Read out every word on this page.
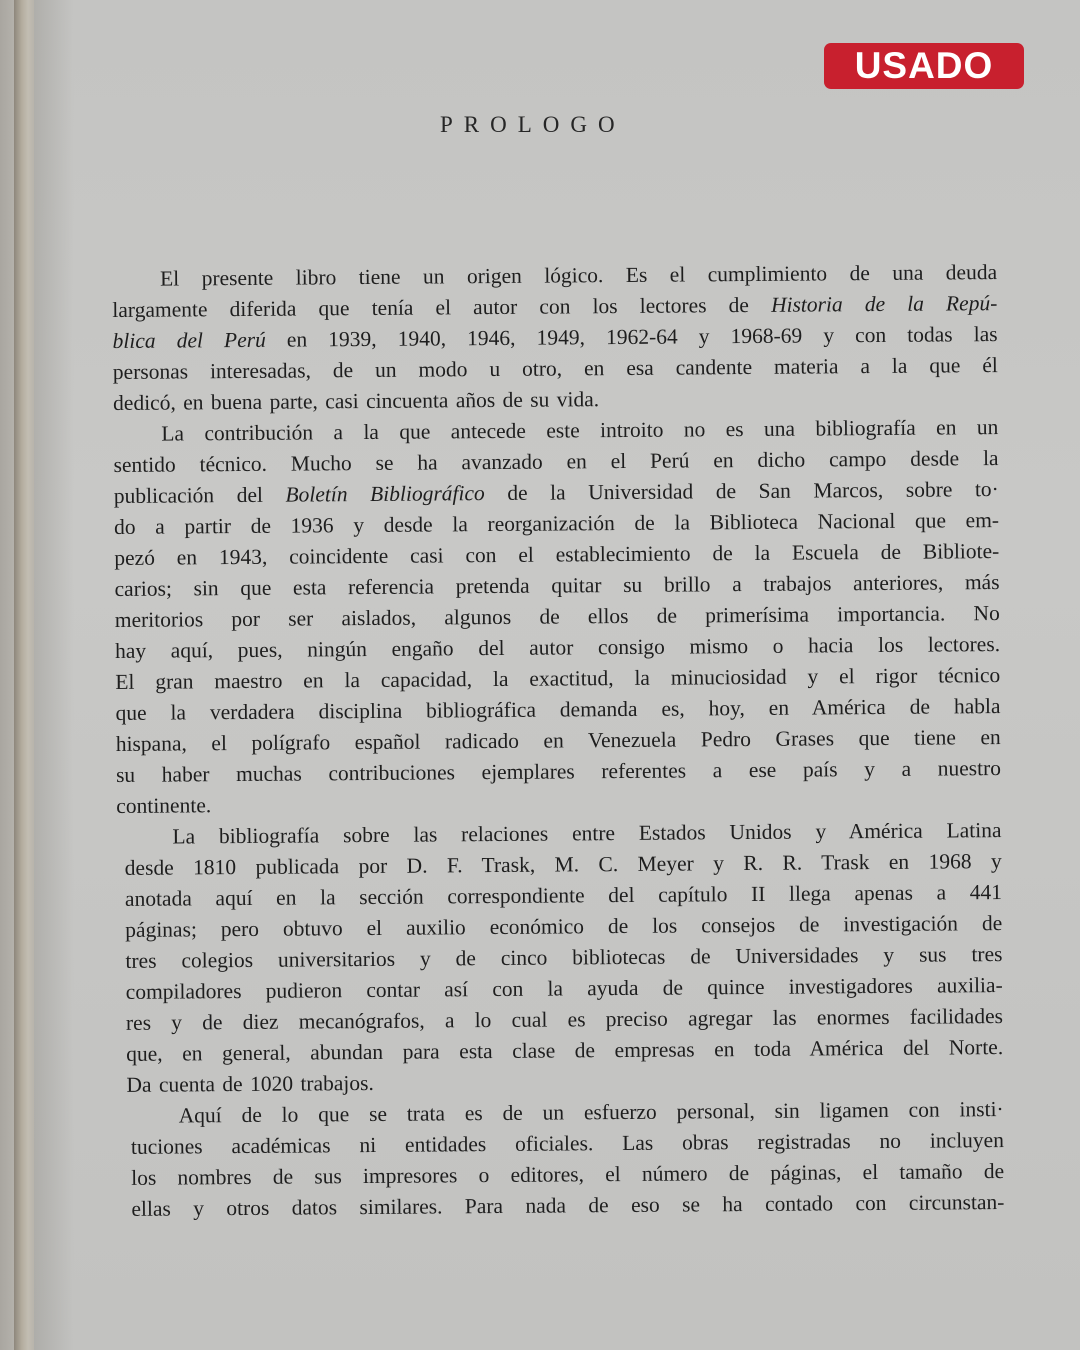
USADO
PROLOGO
El presente libro tiene un origen lógico. Es el cumplimiento de una deuda
largamente diferida que tenía el autor con los lectores de Historia de la Repú-
blica del Perú en 1939, 1940, 1946, 1949, 1962-64 y 1968-69 y con todas las
personas interesadas, de un modo u otro, en esa candente materia a la que él
dedicó, en buena parte, casi cincuenta años de su vida.
La contribución a la que antecede este introito no es una bibliografía en un
sentido técnico. Mucho se ha avanzado en el Perú en dicho campo desde la
publicación del Boletín Bibliográfico de la Universidad de San Marcos, sobre to·
do a partir de 1936 y desde la reorganización de la Biblioteca Nacional que em-
pezó en 1943, coincidente casi con el establecimiento de la Escuela de Bibliote-
carios; sin que esta referencia pretenda quitar su brillo a trabajos anteriores, más
meritorios por ser aislados, algunos de ellos de primerísima importancia. No
hay aquí, pues, ningún engaño del autor consigo mismo o hacia los lectores.
El gran maestro en la capacidad, la exactitud, la minuciosidad y el rigor técnico
que la verdadera disciplina bibliográfica demanda es, hoy, en América de habla
hispana, el polígrafo español radicado en Venezuela Pedro Grases que tiene en
su haber muchas contribuciones ejemplares referentes a ese país y a nuestro
continente.
La bibliografía sobre las relaciones entre Estados Unidos y América Latina
desde 1810 publicada por D. F. Trask, M. C. Meyer y R. R. Trask en 1968 y
anotada aquí en la sección correspondiente del capítulo II llega apenas a 441
páginas; pero obtuvo el auxilio económico de los consejos de investigación de
tres colegios universitarios y de cinco bibliotecas de Universidades y sus tres
compiladores pudieron contar así con la ayuda de quince investigadores auxilia-
res y de diez mecanógrafos, a lo cual es preciso agregar las enormes facilidades
que, en general, abundan para esta clase de empresas en toda América del Norte.
Da cuenta de 1020 trabajos.
Aquí de lo que se trata es de un esfuerzo personal, sin ligamen con insti·
tuciones académicas ni entidades oficiales. Las obras registradas no incluyen
los nombres de sus impresores o editores, el número de páginas, el tamaño de
ellas y otros datos similares. Para nada de eso se ha contado con circunstan-
